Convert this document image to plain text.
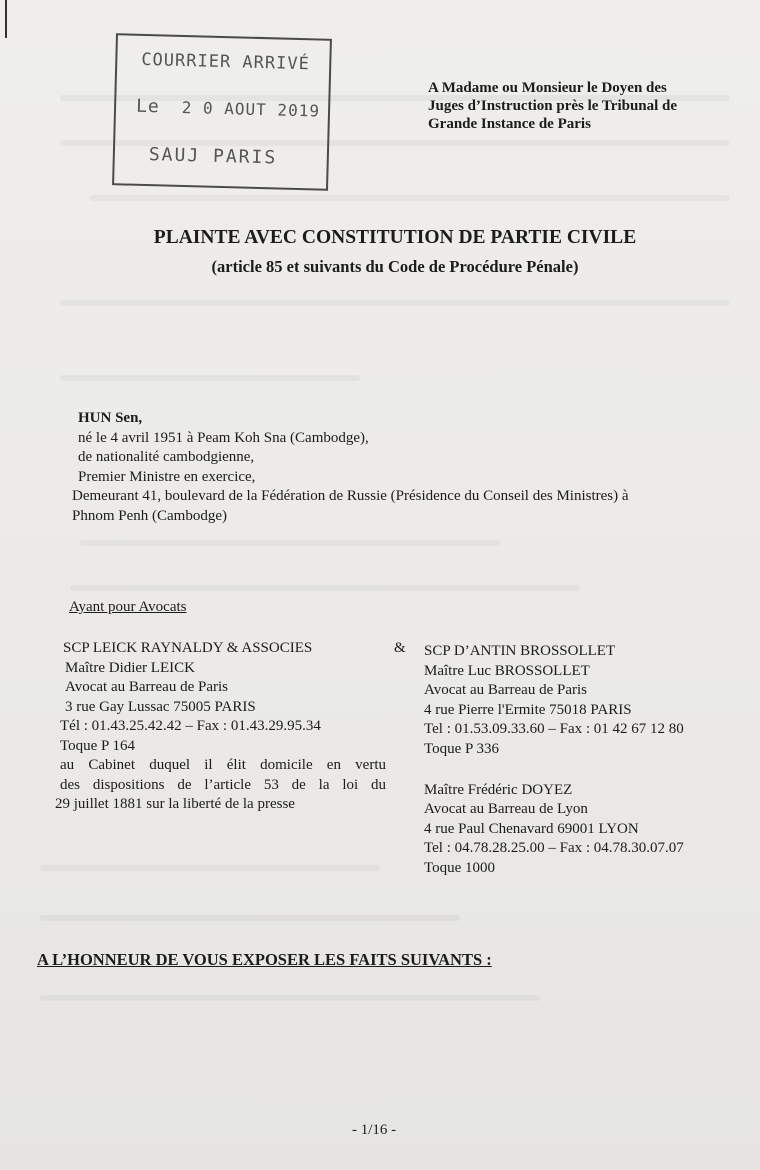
COURRIER ARRIVÉ
Le 2 0 AOUT 2019
SAUJ PARIS
A Madame ou Monsieur le Doyen des
Juges d’Instruction près le Tribunal de
Grande Instance de Paris
PLAINTE AVEC CONSTITUTION DE PARTIE CIVILE
(article 85 et suivants du Code de Procédure Pénale)
HUN Sen,
né le 4 avril 1951 à Peam Koh Sna (Cambodge),
de nationalité cambodgienne,
Premier Ministre en exercice,
Demeurant 41, boulevard de la Fédération de Russie (Présidence du Conseil des Ministres) à
Phnom Penh (Cambodge)
Ayant pour Avocats
SCP LEICK RAYNALDY & ASSOCIES
Maître Didier LEICK
Avocat au Barreau de Paris
3 rue Gay Lussac 75005 PARIS
Tél : 01.43.25.42.42 – Fax : 01.43.29.95.34
Toque P 164
au Cabinet duquel il élit domicile en vertu
des dispositions de l’article 53 de la loi du
29 juillet 1881 sur la liberté de la presse
& SCP D’ANTIN BROSSOLLET
Maître Luc BROSSOLLET
Avocat au Barreau de Paris
4 rue Pierre l'Ermite 75018 PARIS
Tel : 01.53.09.33.60 – Fax : 01 42 67 12 80
Toque P 336
Maître Frédéric DOYEZ
Avocat au Barreau de Lyon
4 rue Paul Chenavard 69001 LYON
Tel : 04.78.28.25.00 – Fax : 04.78.30.07.07
Toque 1000
A L’HONNEUR DE VOUS EXPOSER LES FAITS SUIVANTS :
- 1/16 -
